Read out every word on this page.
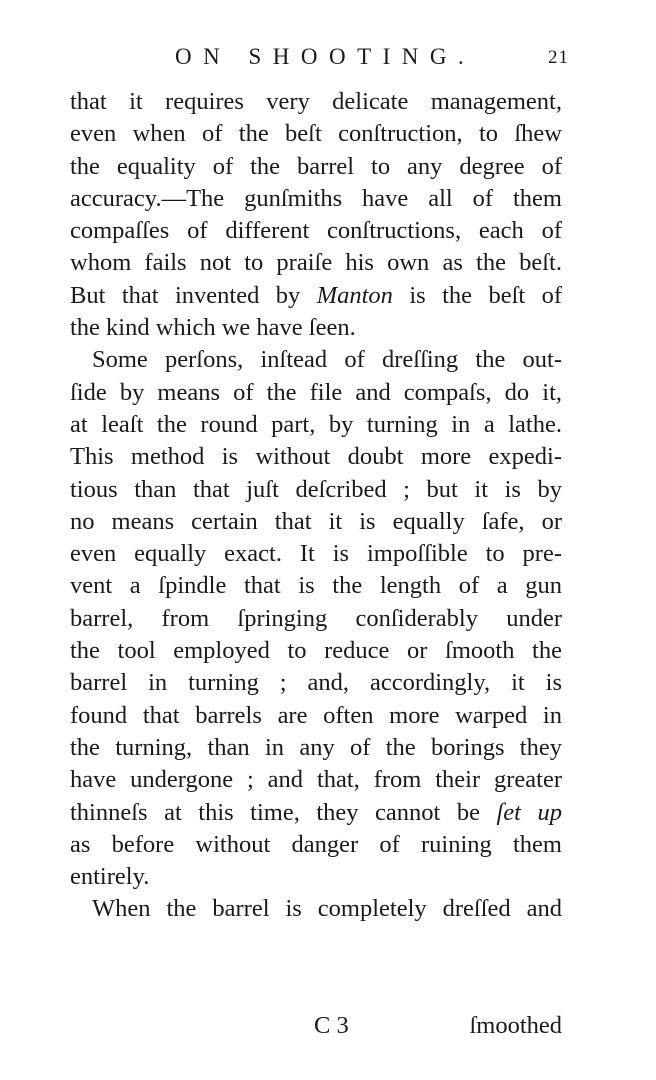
ON SHOOTING.	21
that it requires very delicate management,
even when of the beſt conſtruction, to ſhew
the equality of the barrel to any degree of
accuracy.—The gunſmiths have all of them
compaſſes of different conſtructions, each of
whom fails not to praiſe his own as the beſt.
But that invented by Manton is the beſt of
the kind which we have ſeen.
Some perſons, inſtead of dreſſing the out-
ſide by means of the file and compaſs, do it,
at leaſt the round part, by turning in a lathe.
This method is without doubt more expedi-
tious than that juſt deſcribed ; but it is by
no means certain that it is equally ſafe, or
even equally exact. It is impoſſible to pre-
vent a ſpindle that is the length of a gun
barrel, from ſpringing conſiderably under
the tool employed to reduce or ſmooth the
barrel in turning ; and, accordingly, it is
found that barrels are often more warped in
the turning, than in any of the borings they
have undergone ; and that, from their greater
thinneſs at this time, they cannot be ſet up
as before without danger of ruining them
entirely.
When the barrel is completely dreſſed and
C 3	ſmoothed
